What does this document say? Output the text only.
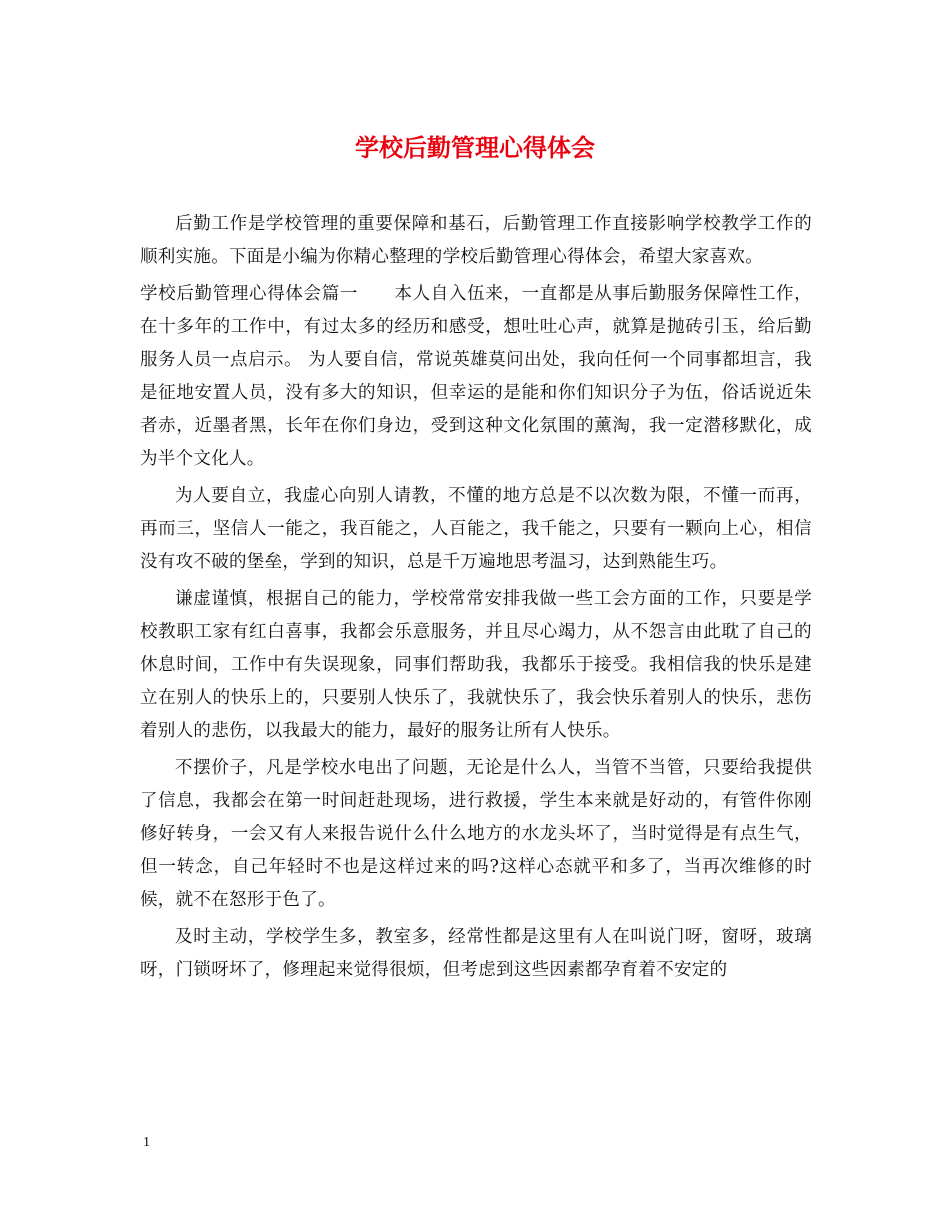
学校后勤管理心得体会

后勤工作是学校管理的重要保障和基石，后勤管理工作直接影响学校教学工作的顺利实施。下面是小编为你精心整理的学校后勤管理心得体会，希望大家喜欢。

学校后勤管理心得体会篇一　　本人自入伍来，一直都是从事后勤服务保障性工作，在十多年的工作中，有过太多的经历和感受，想吐吐心声，就算是抛砖引玉，给后勤服务人员一点启示。 为人要自信，常说英雄莫问出处，我向任何一个同事都坦言，我是征地安置人员，没有多大的知识，但幸运的是能和你们知识分子为伍，俗话说近朱者赤，近墨者黑，长年在你们身边，受到这种文化氛围的薰淘，我一定潜移默化，成为半个文化人。

为人要自立，我虚心向别人请教，不懂的地方总是不以次数为限，不懂一而再，再而三，坚信人一能之，我百能之，人百能之，我千能之，只要有一颗向上心，相信没有攻不破的堡垒，学到的知识，总是千万遍地思考温习，达到熟能生巧。

谦虚谨慎，根据自己的能力，学校常常安排我做一些工会方面的工作，只要是学校教职工家有红白喜事，我都会乐意服务，并且尽心竭力，从不怨言由此耽了自己的休息时间，工作中有失误现象，同事们帮助我，我都乐于接受。我相信我的快乐是建立在别人的快乐上的，只要别人快乐了，我就快乐了，我会快乐着别人的快乐，悲伤着别人的悲伤，以我最大的能力，最好的服务让所有人快乐。

不摆价子，凡是学校水电出了问题，无论是什么人，当管不当管，只要给我提供了信息，我都会在第一时间赶赴现场，进行救援，学生本来就是好动的，有管件你刚修好转身，一会又有人来报告说什么什么地方的水龙头坏了，当时觉得是有点生气，但一转念，自己年轻时不也是这样过来的吗?这样心态就平和多了，当再次维修的时候，就不在怒形于色了。

及时主动，学校学生多，教室多，经常性都是这里有人在叫说门呀，窗呀，玻璃呀，门锁呀坏了，修理起来觉得很烦，但考虑到这些因素都孕育着不安定的

1
